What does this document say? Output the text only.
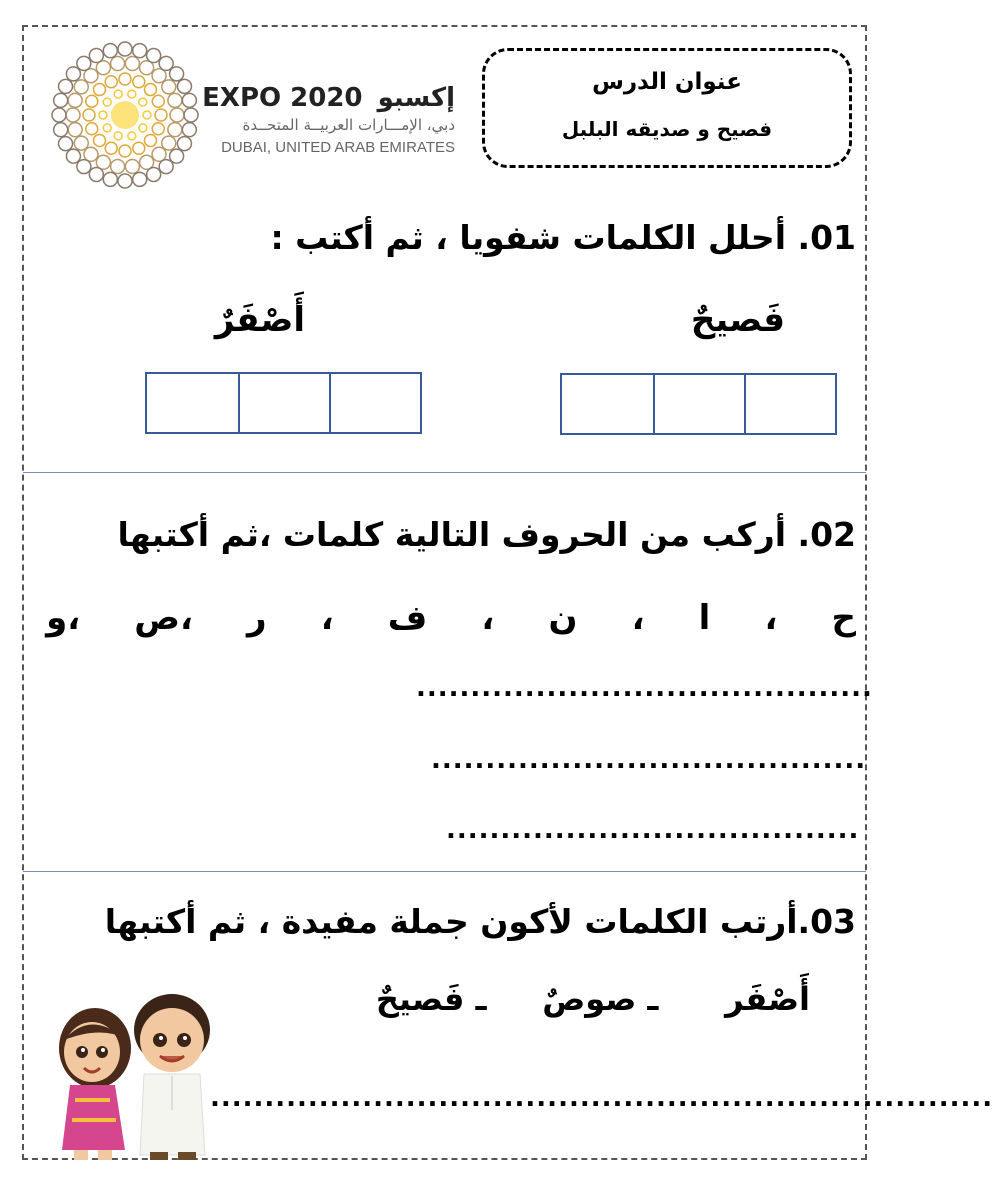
EXPO 2020 إكسبو
دبي، الإمـــارات العربيــة المتحــدة
DUBAI, UNITED ARAB EMIRATES
عنوان الدرس
فصيح و صديقه البلبل
01. أحلل الكلمات شفويا ، ثم أكتب :
فَصيحٌ
أَصْفَرٌ
02. أركب من الحروف التالية كلمات ،ثم أكتبها
ح
،
ا
،
ن
،
ف
،
ر
،ص
،و
..........................................
........................................
......................................
03.أرتب الكلمات لأكون جملة مفيدة ، ثم أكتبها
أَصْفَر      ـ صوصٌ     ـ فَصيحٌ
........................................................................
